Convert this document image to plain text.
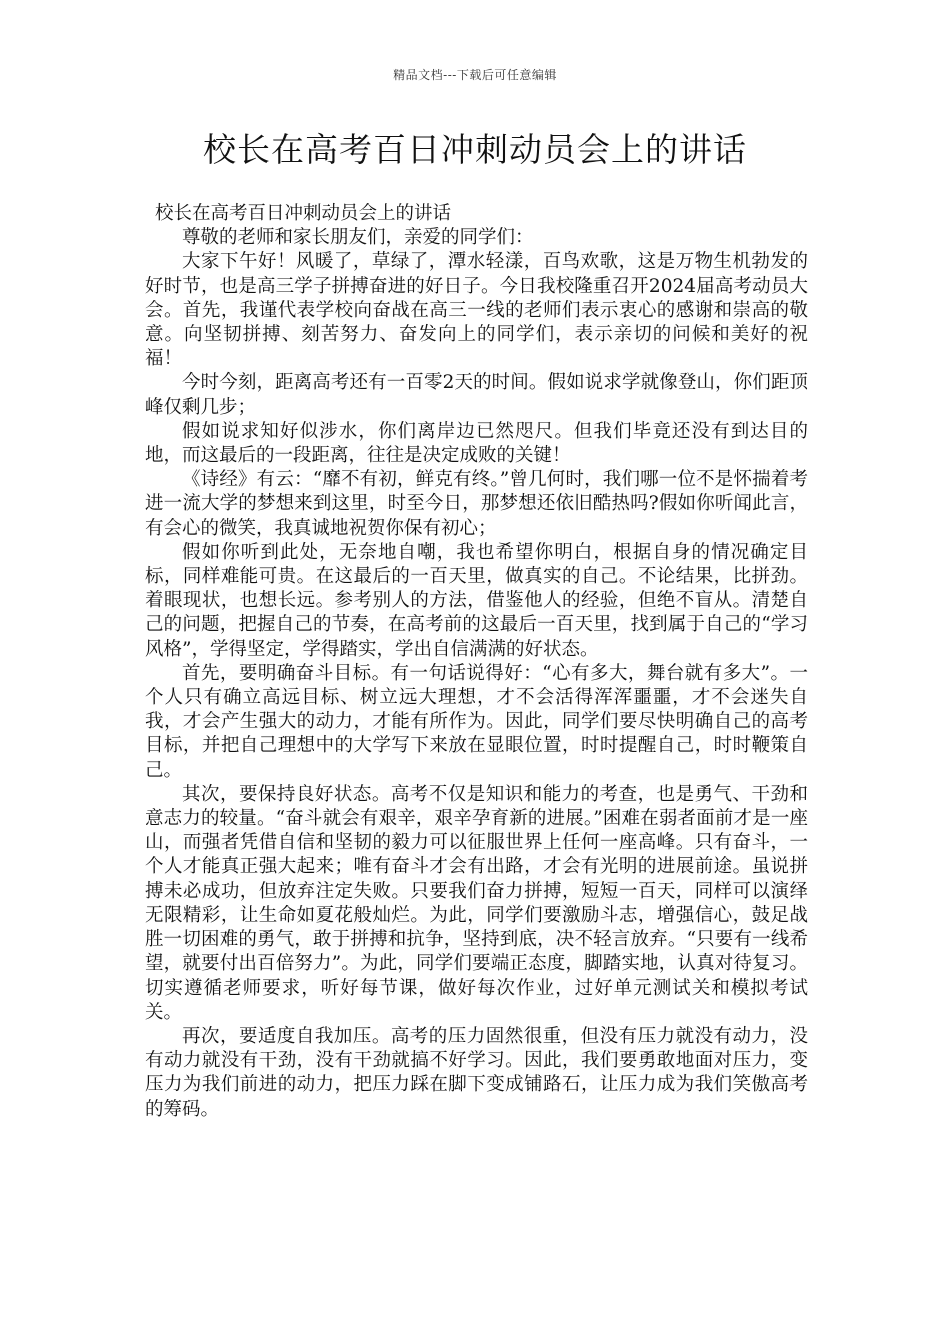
精品文档---下载后可任意编辑
校长在高考百日冲刺动员会上的讲话

校长在高考百日冲刺动员会上的讲话

尊敬的老师和家长朋友们，亲爱的同学们：

大家下午好！风暖了，草绿了，潭水轻漾，百鸟欢歌，这是万物生机勃发的好时节，也是高三学子拼搏奋进的好日子。今日我校隆重召开2024届高考动员大会。首先，我谨代表学校向奋战在高三一线的老师们表示衷心的感谢和崇高的敬意。向坚韧拼搏、刻苦努力、奋发向上的同学们，表示亲切的问候和美好的祝福！

今时今刻，距离高考还有一百零2天的时间。假如说求学就像登山，你们距顶峰仅剩几步；

假如说求知好似涉水，你们离岸边已然咫尺。但我们毕竟还没有到达目的地，而这最后的一段距离，往往是决定成败的关键！

《诗经》有云：“靡不有初，鲜克有终。”曾几何时，我们哪一位不是怀揣着考进一流大学的梦想来到这里，时至今日，那梦想还依旧酷热吗?假如你听闻此言，有会心的微笑，我真诚地祝贺你保有初心；

假如你听到此处，无奈地自嘲，我也希望你明白，根据自身的情况确定目标，同样难能可贵。在这最后的一百天里，做真实的自己。不论结果，比拼劲。着眼现状，也想长远。参考别人的方法，借鉴他人的经验，但绝不盲从。清楚自己的问题，把握自己的节奏，在高考前的这最后一百天里，找到属于自己的“学习风格”，学得坚定，学得踏实，学出自信满满的好状态。

首先，要明确奋斗目标。有一句话说得好：“心有多大，舞台就有多大”。一个人只有确立高远目标、树立远大理想，才不会活得浑浑噩噩，才不会迷失自我，才会产生强大的动力，才能有所作为。因此，同学们要尽快明确自己的高考目标，并把自己理想中的大学写下来放在显眼位置，时时提醒自己，时时鞭策自己。

其次，要保持良好状态。高考不仅是知识和能力的考查，也是勇气、干劲和意志力的较量。“奋斗就会有艰辛，艰辛孕育新的进展。”困难在弱者面前才是一座山，而强者凭借自信和坚韧的毅力可以征服世界上任何一座高峰。只有奋斗，一个人才能真正强大起来；唯有奋斗才会有出路，才会有光明的进展前途。虽说拼搏未必成功，但放弃注定失败。只要我们奋力拼搏，短短一百天，同样可以演绎无限精彩，让生命如夏花般灿烂。为此，同学们要激励斗志，增强信心，鼓足战胜一切困难的勇气，敢于拼搏和抗争，坚持到底，决不轻言放弃。“只要有一线希望，就要付出百倍努力”。为此，同学们要端正态度，脚踏实地，认真对待复习。切实遵循老师要求，听好每节课，做好每次作业，过好单元测试关和模拟考试关。

再次，要适度自我加压。高考的压力固然很重，但没有压力就没有动力，没有动力就没有干劲，没有干劲就搞不好学习。因此，我们要勇敢地面对压力，变压力为我们前进的动力，把压力踩在脚下变成铺路石，让压力成为我们笑傲高考的筹码。
